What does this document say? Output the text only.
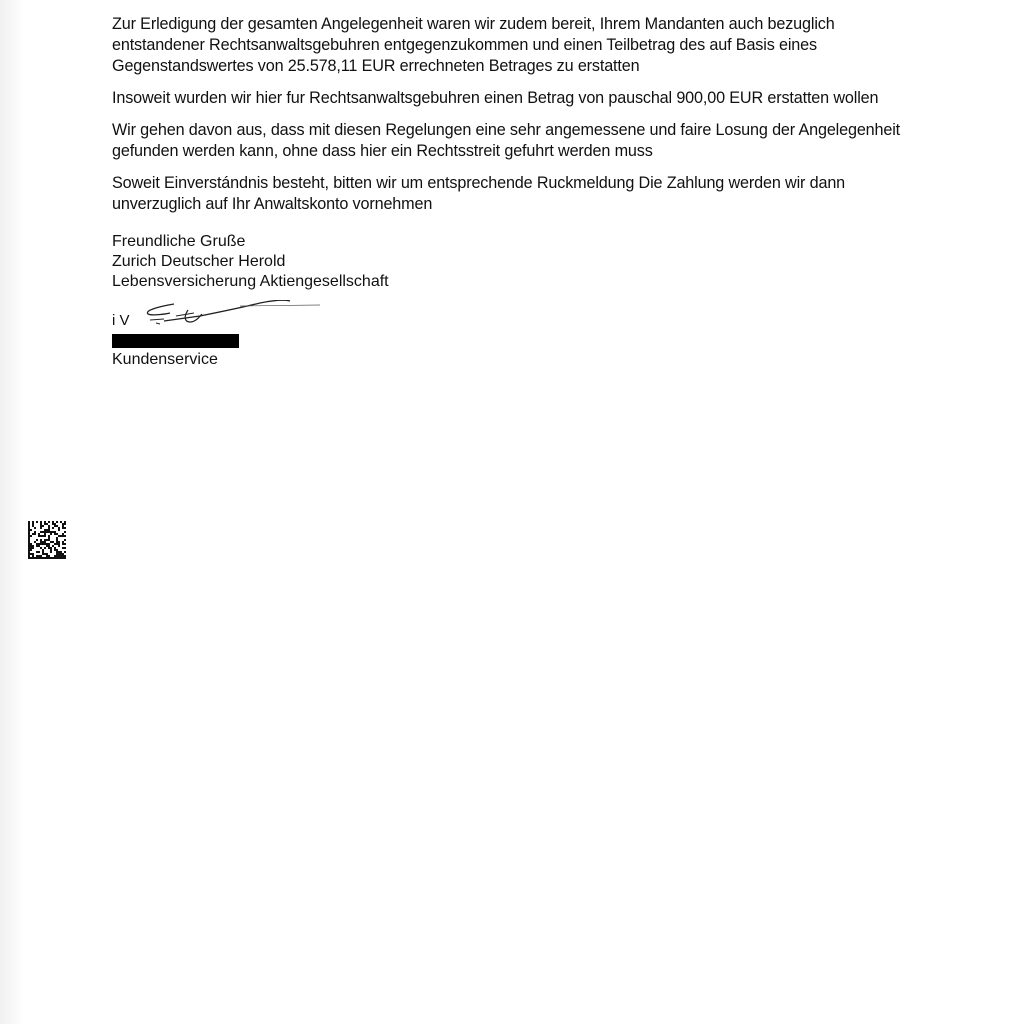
Zur Erledigung der gesamten Angelegenheit waren wir zudem bereit, Ihrem Mandanten auch bezuglich entstandener Rechtsanwaltsgebuhren entgegenzukommen und einen Teilbetrag des auf Basis eines Gegenstandswertes von 25.578,11 EUR errechneten Betrages zu erstatten

Insoweit wurden wir hier fur Rechtsanwaltsgebuhren einen Betrag von pauschal 900,00 EUR erstatten wollen

Wir gehen davon aus, dass mit diesen Regelungen eine sehr angemessene und faire Losung der Angelegenheit gefunden werden kann, ohne dass hier ein Rechtsstreit gefuhrt werden muss

Soweit Einverstándnis besteht, bitten wir um entsprechende Ruckmeldung Die Zahlung werden wir dann unverzuglich auf Ihr Anwaltskonto vornehmen

Freundliche Gruße
Zurich Deutscher Herold
Lebensversicherung Aktiengesellschaft
i V
Kundenservice
